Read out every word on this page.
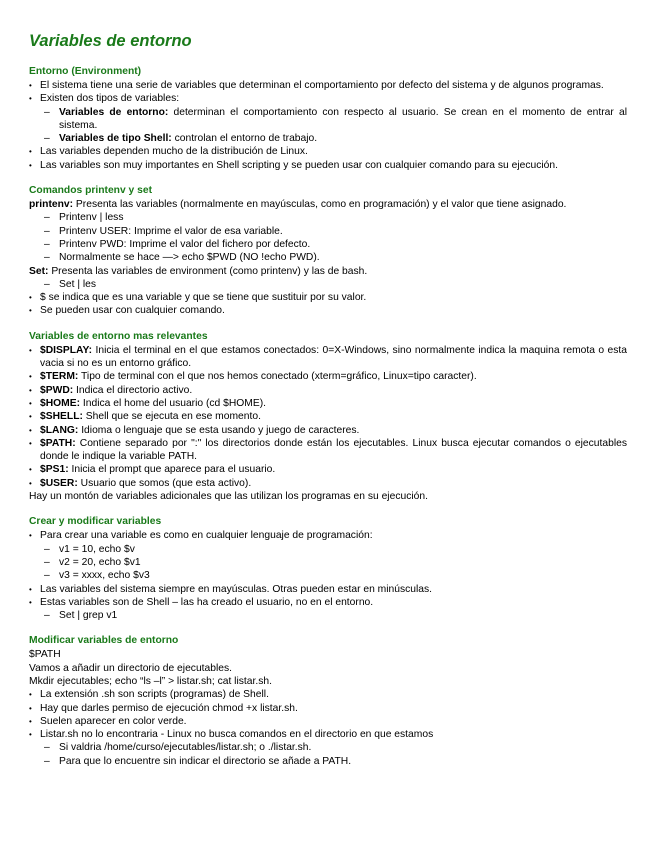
Variables de entorno
Entorno (Environment)
• El sistema tiene una serie de variables que determinan el comportamiento por defecto del sistema y de algunos programas.
• Existen dos tipos de variables:
– Variables de entorno: determinan el comportamiento con respecto al usuario. Se crean en el momento de entrar al sistema.
– Variables de tipo Shell: controlan el entorno de trabajo.
• Las variables dependen mucho de la distribución de Linux.
• Las variables son muy importantes en Shell scripting y se pueden usar con cualquier comando para su ejecución.
Comandos printenv y set
printenv: Presenta las variables (normalmente en mayúsculas, como en programación) y el valor que tiene asignado.
– Printenv | less
– Printenv USER: Imprime el valor de esa variable.
– Printenv PWD: Imprime el valor del fichero por defecto.
– Normalmente se hace —> echo $PWD (NO !echo PWD).
Set: Presenta las variables de environment (como printenv) y las de bash.
– Set | les
• $ se indica que es una variable y que se tiene que sustituir por su valor.
• Se pueden usar con cualquier comando.
Variables de entorno mas relevantes
• $DISPLAY: Inicia el terminal en el que estamos conectados: 0=X-Windows, sino normalmente indica la maquina remota o esta vacia si no es un entorno gráfico.
• $TERM: Tipo de terminal con el que nos hemos conectado (xterm=gráfico, Linux=tipo caracter).
• $PWD: Indica el directorio activo.
• $HOME: Indica el home del usuario (cd $HOME).
• $SHELL: Shell que se ejecuta en ese momento.
• $LANG: Idioma o lenguaje que se esta usando y juego de caracteres.
• $PATH: Contiene separado por ":" los directorios donde están los ejecutables. Linux busca ejecutar comandos o ejecutables donde le indique la variable PATH.
• $PS1: Inicia el prompt que aparece para el usuario.
• $USER: Usuario que somos (que esta activo).
Hay un montón de variables adicionales que las utilizan los programas en su ejecución.
Crear y modificar variables
• Para crear una variable es como en cualquier lenguaje de programación:
– v1 = 10, echo $v
– v2 = 20, echo $v1
– v3 = xxxx, echo $v3
• Las variables del sistema siempre en mayúsculas. Otras pueden estar en minúsculas.
• Estas variables son de Shell – las ha creado el usuario, no en el entorno.
– Set | grep v1
Modificar variables de entorno
$PATH
Vamos a añadir un directorio de ejecutables.
Mkdir ejecutables; echo “ls –l” > listar.sh; cat listar.sh.
• La extensión .sh son scripts (programas) de Shell.
• Hay que darles permiso de ejecución chmod +x listar.sh.
• Suelen aparecer en color verde.
• Listar.sh no lo encontraria - Linux no busca comandos en el directorio en que estamos
– Si valdria /home/curso/ejecutables/listar.sh; o ./listar.sh.
– Para que lo encuentre sin indicar el directorio se añade a PATH.
